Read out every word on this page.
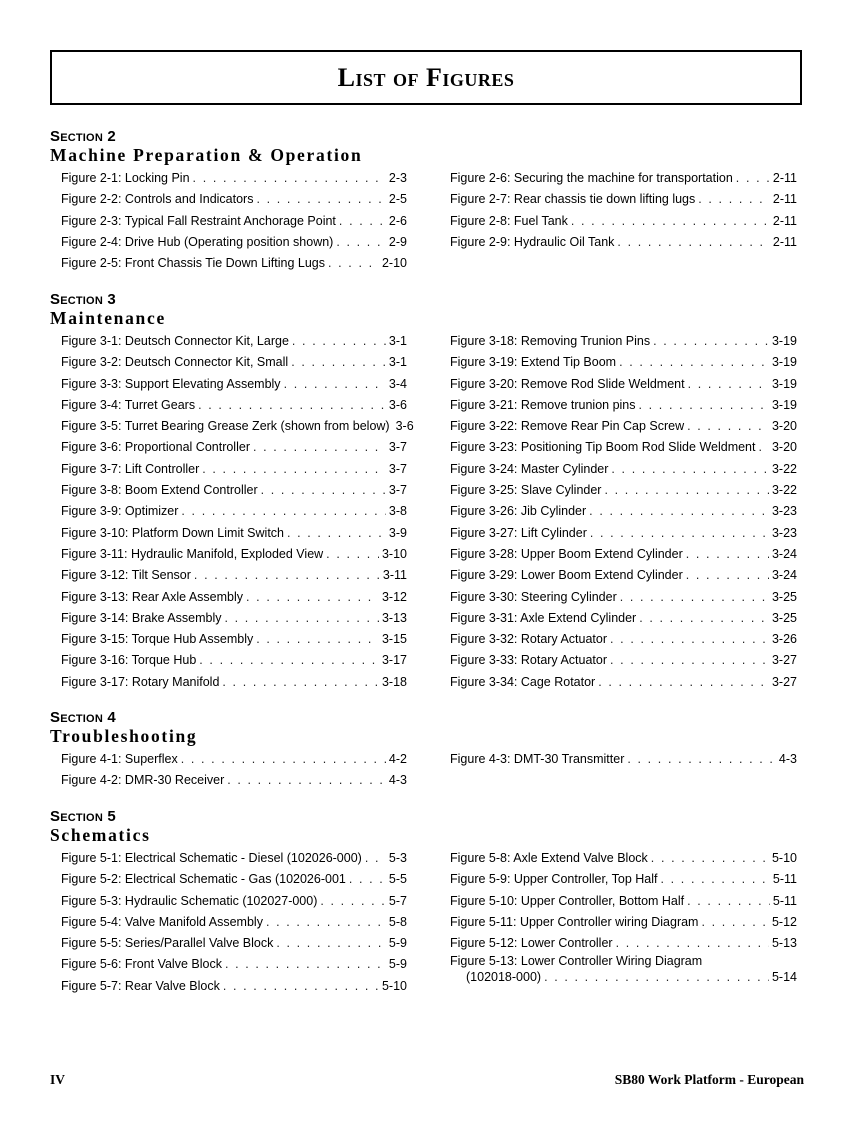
List of Figures
Section 2
Machine Preparation & Operation
Figure 2-1: Locking Pin . . .	2-3
Figure 2-2: Controls and Indicators . . .	2-5
Figure 2-3: Typical Fall Restraint Anchorage Point . . .	2-6
Figure 2-4: Drive Hub (Operating position shown) . . .	2-9
Figure 2-5: Front Chassis Tie Down Lifting Lugs . . .	2-10
Figure 2-6: Securing the machine for transportation . . .	2-11
Figure 2-7: Rear chassis tie down lifting lugs . . .	2-11
Figure 2-8: Fuel Tank . . .	2-11
Figure 2-9: Hydraulic Oil Tank . . .	2-11
Section 3
Maintenance
Figure 3-1: Deutsch Connector Kit, Large . . .	3-1
Figure 3-2: Deutsch Connector Kit, Small . . .	3-1
Figure 3-3: Support Elevating Assembly . . .	3-4
Figure 3-4: Turret Gears . . .	3-6
Figure 3-5: Turret Bearing Grease Zerk (shown from below) 3-6
Figure 3-6: Proportional Controller . . .	3-7
Figure 3-7: Lift Controller . . .	3-7
Figure 3-8: Boom Extend Controller . . .	3-7
Figure 3-9: Optimizer . . .	3-8
Figure 3-10: Platform Down Limit Switch . . .	3-9
Figure 3-11: Hydraulic Manifold, Exploded View . . .	3-10
Figure 3-12: Tilt Sensor . . .	3-11
Figure 3-13: Rear Axle Assembly . . .	3-12
Figure 3-14: Brake Assembly . . .	3-13
Figure 3-15: Torque Hub Assembly . . .	3-15
Figure 3-16: Torque Hub . . .	3-17
Figure 3-17: Rotary Manifold . . .	3-18
Figure 3-18: Removing Trunion Pins . . .	3-19
Figure 3-19: Extend Tip Boom . . .	3-19
Figure 3-20: Remove Rod Slide Weldment . . .	3-19
Figure 3-21: Remove trunion pins . . .	3-19
Figure 3-22: Remove Rear Pin Cap Screw . . .	3-20
Figure 3-23: Positioning Tip Boom Rod Slide Weldment . . . 3-20
Figure 3-24: Master Cylinder . . .	3-22
Figure 3-25: Slave Cylinder . . .	3-22
Figure 3-26: Jib Cylinder . . .	3-23
Figure 3-27: Lift Cylinder . . .	3-23
Figure 3-28: Upper Boom Extend Cylinder . . .	3-24
Figure 3-29: Lower Boom Extend Cylinder . . .	3-24
Figure 3-30: Steering Cylinder . . .	3-25
Figure 3-31: Axle Extend Cylinder . . .	3-25
Figure 3-32: Rotary Actuator . . .	3-26
Figure 3-33: Rotary Actuator . . .	3-27
Figure 3-34: Cage Rotator . . .	3-27
Section 4
Troubleshooting
Figure 4-1: Superflex . . .	4-2
Figure 4-2: DMR-30 Receiver . . .	4-3
Figure 4-3: DMT-30 Transmitter . . .	4-3
Section 5
Schematics
Figure 5-1: Electrical Schematic - Diesel (102026-000) . . . 5-3
Figure 5-2: Electrical Schematic - Gas (102026-001 . . .	5-5
Figure 5-3: Hydraulic Schematic (102027-000) . . .	5-7
Figure 5-4: Valve Manifold Assembly . . .	5-8
Figure 5-5: Series/Parallel Valve Block . . .	5-9
Figure 5-6: Front Valve Block . . .	5-9
Figure 5-7: Rear Valve Block . . .	5-10
Figure 5-8: Axle Extend Valve Block . . .	5-10
Figure 5-9: Upper Controller, Top Half . . .	5-11
Figure 5-10: Upper Controller, Bottom Half . . .	5-11
Figure 5-11: Upper Controller wiring Diagram . . .	5-12
Figure 5-12: Lower Controller . . .	5-13
Figure 5-13: Lower Controller Wiring Diagram
(102018-000) . . .	5-14
IV	SB80 Work Platform - European
